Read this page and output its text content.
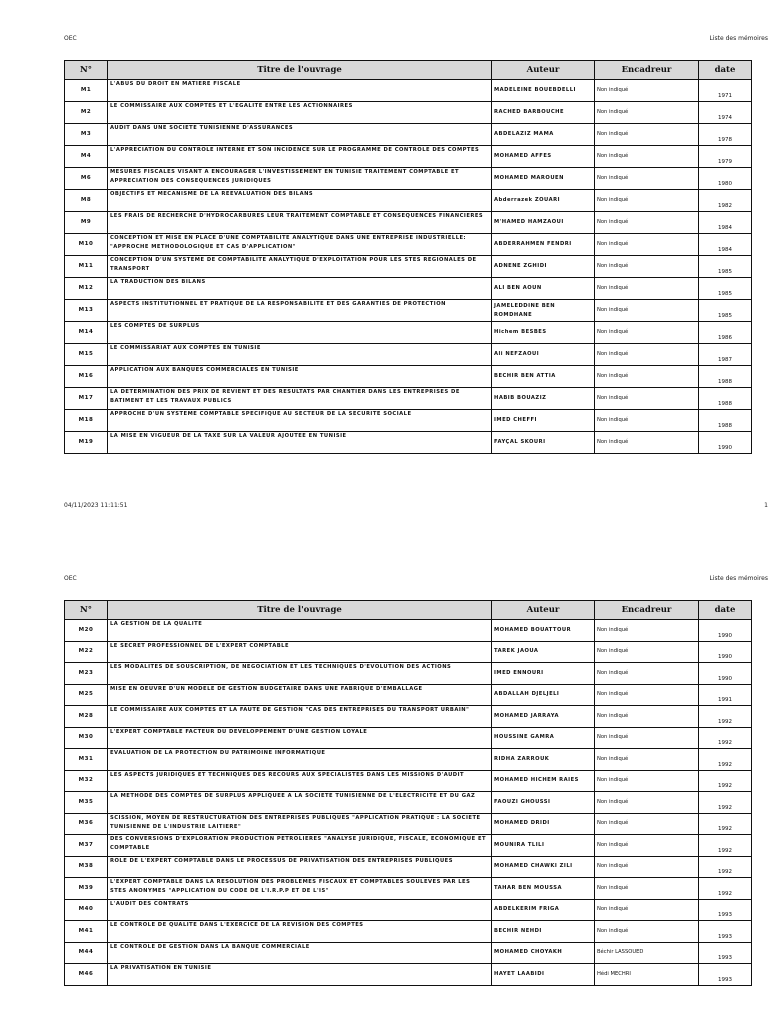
OEC	Liste des mémoires
N°	Titre de l'ouvrage	Auteur	Encadreur	date
M1	L'ABUS DU DROIT EN MATIERE FISCALE	MADELEINE BOUEBDELLI	Non indiqué	1971
M2	LE COMMISSAIRE AUX COMPTES ET L'EGALITE ENTRE LES ACTIONNAIRES	RACHED BARBOUCHE	Non indiqué	1974
M3	AUDIT DANS UNE SOCIETE TUNISIENNE D'ASSURANCES	ABDELAZIZ MAMA	Non indiqué	1978
M4	L'APPRECIATION DU CONTROLE INTERNE ET SON INCIDENCE SUR LE PROGRAMME DE CONTROLE DES COMPTES	MOHAMED AFFES	Non indiqué	1979
M6	MESURES FISCALES VISANT A ENCOURAGER L'INVESTISSEMENT EN TUNISIE TRAITEMENT COMPTABLE ET APPRECIATION DES CONSEQUENCES JURIDIQUES	MOHAMED MAROUEN	Non indiqué	1980
M8	OBJECTIFS ET MECANISME DE LA REEVALUATION DES BILANS	Abderrazek ZOUARI	Non indiqué	1982
M9	LES FRAIS DE RECHERCHE D'HYDROCARBURES LEUR TRAITEMENT COMPTABLE ET CONSEQUENCES FINANCIERES	M'HAMED HAMZAOUI	Non indiqué	1984
M10	CONCEPTION ET MISE EN PLACE D'UNE COMPTABILITE ANALYTIQUE DANS UNE ENTREPRISE INDUSTRIELLE: "APPROCHE METHODOLOGIQUE ET CAS D'APPLICATION"	ABDERRAHMEN FENDRI	Non indiqué	1984
M11	CONCEPTION D'UN SYSTEME DE COMPTABILITE ANALYTIQUE D'EXPLOITATION POUR LES STES REGIONALES DE TRANSPORT	ADNENE ZGHIDI	Non indiqué	1985
M12	LA TRADUCTION DES BILANS	ALI BEN AOUN	Non indiqué	1985
M13	ASPECTS INSTITUTIONNEL ET PRATIQUE DE LA RESPONSABILITE ET DES GARANTIES DE PROTECTION	JAMELEDDINE BEN ROMDHANE	Non indiqué	1985
M14	LES COMPTES DE SURPLUS	Hichem BESBES	Non indiqué	1986
M15	LE COMMISSARIAT AUX COMPTES EN TUNISIE	Ali NEFZAOUI	Non indiqué	1987
M16	APPLICATION AUX BANQUES COMMERCIALES EN TUNISIE	BECHIR BEN ATTIA	Non indiqué	1988
M17	LA DETERMINATION DES PRIX DE REVIENT ET DES RESULTATS PAR CHANTIER DANS LES ENTREPRISES DE BATIMENT ET LES TRAVAUX PUBLICS	HABIB BOUAZIZ	Non indiqué	1988
M18	APPROCHE D'UN SYSTEME COMPTABLE SPECIFIQUE AU SECTEUR DE LA SECURITE SOCIALE	IMED CHEFFI	Non indiqué	1988
M19	LA MISE EN VIGUEUR DE LA TAXE SUR LA VALEUR AJOUTEE EN TUNISIE	FAYÇAL SKOURI	Non indiqué	1990
04/11/2023 11:11:51	1
OEC	Liste des mémoires
N°	Titre de l'ouvrage	Auteur	Encadreur	date
M20	LA GESTION DE LA QUALITE	MOHAMED BOUATTOUR	Non indiqué	1990
M22	LE SECRET PROFESSIONNEL DE L'EXPERT COMPTABLE	TAREK JAOUA	Non indiqué	1990
M23	LES MODALITES DE SOUSCRIPTION, DE NEGOCIATION ET LES TECHNIQUES D'EVOLUTION DES ACTIONS	IMED ENNOURI	Non indiqué	1990
M25	MISE EN OEUVRE D'UN MODELE DE GESTION BUDGETAIRE DANS UNE FABRIQUE D'EMBALLAGE	ABDALLAH DJELJELI	Non indiqué	1991
M28	LE COMMISSAIRE AUX COMPTES ET LA FAUTE DE GESTION "CAS DES ENTREPRISES DU TRANSPORT URBAIN"	MOHAMED JARRAYA	Non indiqué	1992
M30	L'EXPERT COMPTABLE FACTEUR DU DEVELOPPEMENT D'UNE GESTION LOYALE	HOUSSINE GAMRA	Non indiqué	1992
M31	EVALUATION DE LA PROTECTION DU PATRIMOINE INFORMATIQUE	RIDHA ZARROUK	Non indiqué	1992
M32	LES ASPECTS JURIDIQUES ET TECHNIQUES DES RECOURS AUX SPECIALISTES DANS LES MISSIONS D'AUDIT	MOHAMED HICHEM RAIES	Non indiqué	1992
M35	LA METHODE DES COMPTES DE SURPLUS APPLIQUEE A LA SOCIETE TUNISIENNE DE L'ELECTRICITE ET DU GAZ	FAOUZI GHOUSSI	Non indiqué	1992
M36	SCISSION, MOYEN DE RESTRUCTURATION DES ENTREPRISES PUBLIQUES "APPLICATION PRATIQUE : LA SOCIETE TUNISIENNE DE L'INDUSTRIE LAITIERE"	MOHAMED DRIDI	Non indiqué	1992
M37	DES CONVERSIONS D'EXPLORATION PRODUCTION PETROLIERES "ANALYSE JURIDIQUE, FISCALE, ECONOMIQUE ET COMPTABLE	MOUNIRA TLILI	Non indiqué	1992
M38	ROLE DE L'EXPERT COMPTABLE DANS LE PROCESSUS DE PRIVATISATION DES ENTREPRISES PUBLIQUES	MOHAMED CHAWKI ZILI	Non indiqué	1992
M39	L'EXPERT COMPTABLE DANS LA RESOLUTION DES PROBLEMES FISCAUX ET COMPTABLES SOULEVES PAR LES STES ANONYMES "APPLICATION DU CODE DE L'I.R.P.P ET DE L'IS"	TAHAR BEN MOUSSA	Non indiqué	1992
M40	L'AUDIT DES CONTRATS	ABDELKERIM FRIGA	Non indiqué	1993
M41	LE CONTROLE DE QUALITE DANS L'EXERCICE DE LA REVISION DES COMPTES	BECHIR NEHDI	Non indiqué	1993
M44	LE CONTROLE DE GESTION DANS LA BANQUE COMMERCIALE	MOHAMED CHOYAKH	Béchir LASSOUED	1993
M46	LA PRIVATISATION EN TUNISIE	HAYET LAABIDI	Hédi MECHRI	1993
